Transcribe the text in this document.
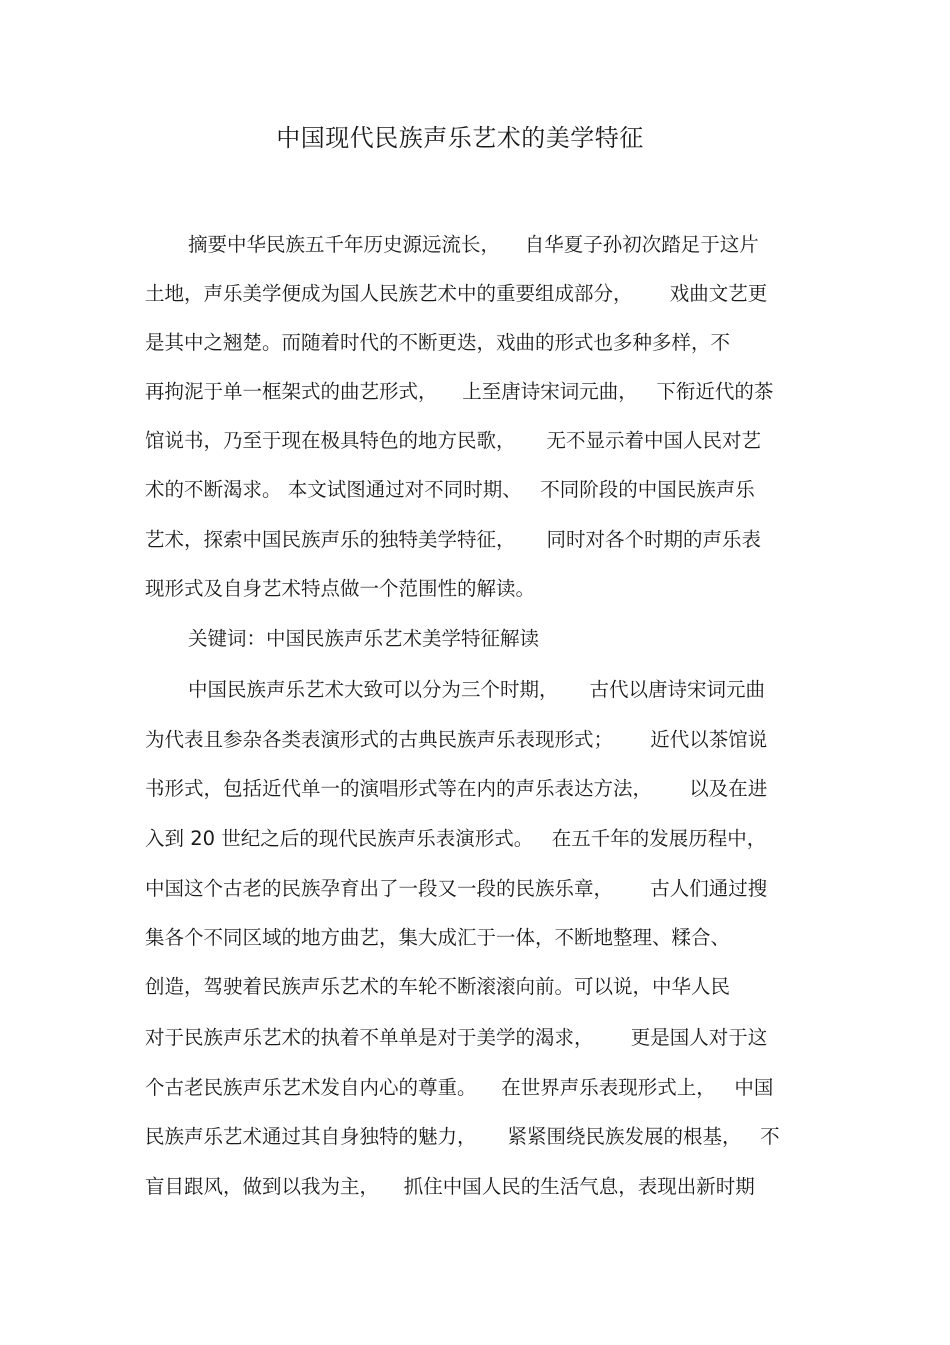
中国现代民族声乐艺术的美学特征
摘要中华民族五千年历史源远流长，    自华夏子孙初次踏足于这片
土地，声乐美学便成为国人民族艺术中的重要组成部分，      戏曲文艺更
是其中之翘楚。而随着时代的不断更迭，戏曲的形式也多种多样，不
再拘泥于单一框架式的曲艺形式，    上至唐诗宋词元曲，   下衔近代的茶
馆说书，乃至于现在极具特色的地方民歌，     无不显示着中国人民对艺
术的不断渴求。 本文试图通过对不同时期、   不同阶段的中国民族声乐
艺术，探索中国民族声乐的独特美学特征，     同时对各个时期的声乐表
现形式及自身艺术特点做一个范围性的解读。
关键词：中国民族声乐艺术美学特征解读
中国民族声乐艺术大致可以分为三个时期，     古代以唐诗宋词元曲
为代表且参杂各类表演形式的古典民族声乐表现形式；      近代以茶馆说
书形式，包括近代单一的演唱形式等在内的声乐表达方法，      以及在进
入到 20 世纪之后的现代民族声乐表演形式。   在五千年的发展历程中，
中国这个古老的民族孕育出了一段又一段的民族乐章，      古人们通过搜
集各个不同区域的地方曲艺，集大成汇于一体，不断地整理、糅合、
创造，驾驶着民族声乐艺术的车轮不断滚滚向前。可以说，中华人民
对于民族声乐艺术的执着不单单是对于美学的渴求，      更是国人对于这
个古老民族声乐艺术发自内心的尊重。    在世界声乐表现形式上，   中国
民族声乐艺术通过其自身独特的魅力，     紧紧围绕民族发展的根基，   不
盲目跟风，做到以我为主，    抓住中国人民的生活气息，表现出新时期
